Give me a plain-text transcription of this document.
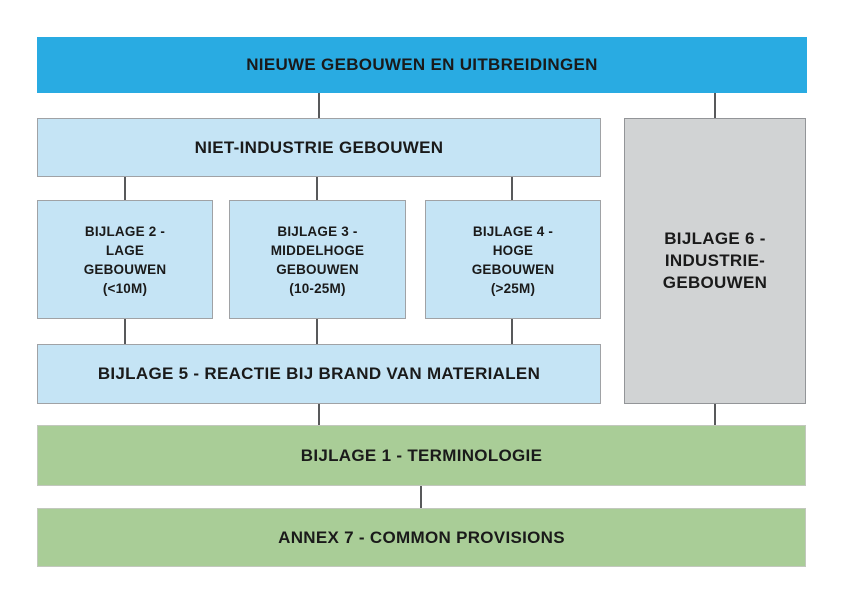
NIEUWE GEBOUWEN EN UITBREIDINGEN
NIET-INDUSTRIE GEBOUWEN
BIJLAGE 2 -
LAGE
GEBOUWEN
(<10M)
BIJLAGE 3 -
MIDDELHOGE
GEBOUWEN
(10-25M)
BIJLAGE 4 -
HOGE
GEBOUWEN
(>25M)
BIJLAGE 5 - REACTIE BIJ BRAND VAN MATERIALEN
BIJLAGE 6 -
INDUSTRIE-
GEBOUWEN
BIJLAGE 1 - TERMINOLOGIE
ANNEX 7 - COMMON PROVISIONS
